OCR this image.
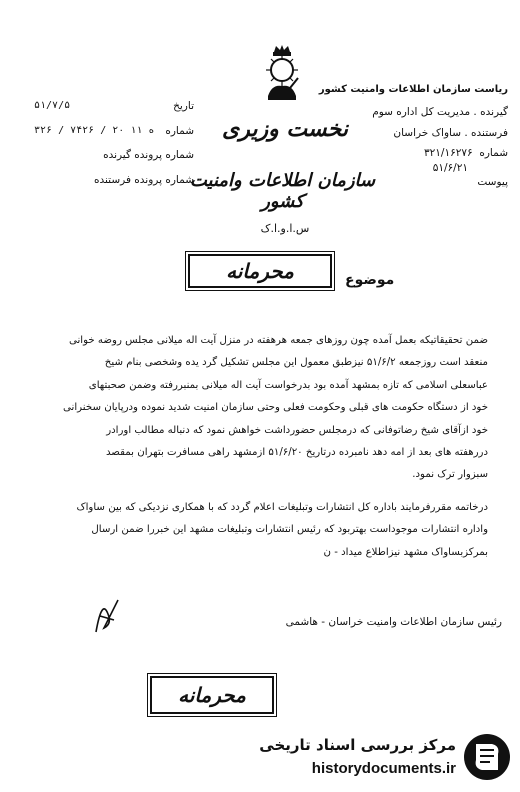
ریاست سازمان اطلاعات وامنیت کشور
گیرنده . مدیریت کل اداره سوم
فرستنده . ساواک خراسان
شماره  ۳۲۱/۱۶۲۷۶
۵۱/۶/۲۱
پیوست
تاریخ
۵۱/۷/۵
شماره
۳۲۶ / ۷۴۲۶ / ۲۰ ه ۱۱
شماره پرونده گیرنده
شماره پرونده فرستنده
نخست وزیری
سازمان اطلاعات وامنیت کشور
س.ا.و.ا.ک
موضوع
محرمانه
ضمن تحقیقاتیکه بعمل آمده چون روزهای جمعه هرهفته در منزل آیت اله میلانی مجلس روضه خوانی
منعقد است روزجمعه ۵۱/۶/۲ نیزطبق معمول این مجلس تشکیل گرد یده وشخصی بنام شیخ
عباسعلی اسلامی که تازه بمشهد آمده بود بدرخواست آیت اله میلانی بمنبررفته وضمن صحبتهای
خود از دستگاه حکومت های قبلی وحکومت فعلی وحتی سازمان امنیت شدید نموده ودرپایان سخنرانی
خود ازآقای شیخ رضاتوفانی که درمجلس حضورداشت خواهش نمود که دنباله مطالب اورادر
دررهفته های بعد از امه دهد نامبرده درتاریخ ۵۱/۶/۲۰ ازمشهد راهی مسافرت بتهران بمقصد
سبزوار ترک نمود.
درخاتمه مقررفرمایند باداره کل انتشارات وتبلیغات اعلام گردد که با همکاری نزدیکی که بین ساواک
واداره انتشارات موجوداست بهتربود که رئیس انتشارات وتبلیغات مشهد این خبررا ضمن ارسال
بمرکزبساواک مشهد نیزاطلاع میداد - ن
رئیس سازمان اطلاعات وامنیت خراسان - هاشمی
محرمانه
مرکز بررسی اسناد تاریخی
historydocuments.ir
